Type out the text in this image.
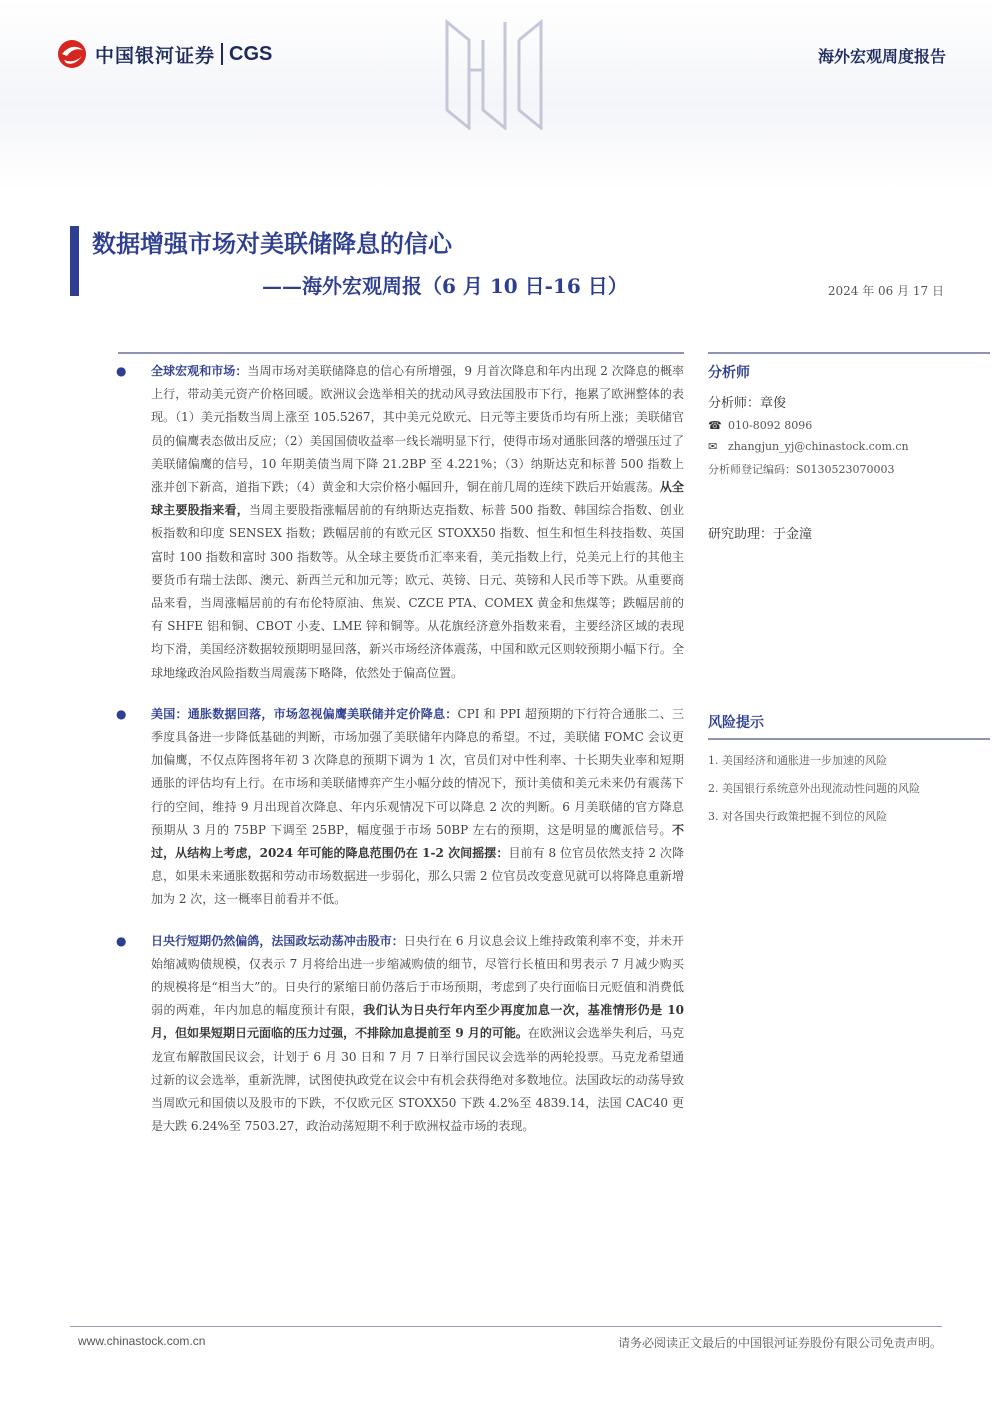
中国银河证券 CGS	海外宏观周度报告
数据增强市场对美联储降息的信心
——海外宏观周报（6 月 10 日-16 日）	2024 年 06 月 17 日
● 全球宏观和市场：当周市场对美联储降息的信心有所增强，9 月首次降息和年内出现 2 次降息的概率上行，带动美元资产价格回暖。欧洲议会选举相关的扰动风寻致法国股市下行，拖累了欧洲整体的表现。（1）美元指数当周上涨至 105.5267，其中美元兑欧元、日元等主要货币均有所上涨；美联储官员的偏鹰表态做出反应；（2）美国国债收益率一线长端明显下行，使得市场对通胀回落的增强压过了美联储偏鹰的信号，10 年期美债当周下降 21.2BP 至 4.221%；（3）纳斯达克和标普 500 指数上涨并创下新高，道指下跌；（4）黄金和大宗价格小幅回升，铜在前几周的连续下跌后开始震荡。从全球主要股指来看，当周主要股指涨幅居前的有纳斯达克指数、标普 500 指数、韩国综合指数、创业板指数和印度 SENSEX 指数；跌幅居前的有欧元区 STOXX50 指数、恒生和恒生科技指数、英国富时 100 指数和富时 300 指数等。从全球主要货币汇率来看，美元指数上行，兑美元上行的其他主要货币有瑞士法郎、澳元、新西兰元和加元等；欧元、英镑、日元、英镑和人民币等下跌。从重要商品来看，当周涨幅居前的有布伦特原油、焦炭、CZCE PTA、COMEX 黄金和焦煤等；跌幅居前的有 SHFE 铝和铜、CBOT 小麦、LME 锌和铜等。从花旗经济意外指数来看，主要经济区域的表现均下滑，美国经济数据较预期明显回落，新兴市场经济体震荡，中国和欧元区则较预期小幅下行。全球地缘政治风险指数当周震荡下略降，依然处于偏高位置。
● 美国：通胀数据回落，市场忽视偏鹰美联储并定价降息：CPI 和 PPI 超预期的下行符合通胀二、三季度具备进一步降低基础的判断，市场加强了美联储年内降息的希望。不过，美联储 FOMC 会议更加偏鹰，不仅点阵图将年初 3 次降息的预期下调为 1 次，官员们对中性利率、十长期失业率和短期通胀的评估均有上行。在市场和美联储博弈产生小幅分歧的情况下，预计美债和美元未来仍有震荡下行的空间，维持 9 月出现首次降息、年内乐观情况下可以降息 2 次的判断。6 月美联储的官方降息预期从 3 月的 75BP 下调至 25BP，幅度强于市场 50BP 左右的预期，这是明显的鹰派信号。不过，从结构上考虑，2024 年可能的降息范围仍在 1-2 次间摇摆：目前有 8 位官员依然支持 2 次降息，如果未来通胀数据和劳动市场数据进一步弱化，那么只需 2 位官员改变意见就可以将降息重新增加为 2 次，这一概率目前看并不低。
● 日央行短期仍然偏鸽，法国政坛动荡冲击股市：日央行在 6 月议息会议上维持政策利率不变，并未开始缩减购债规模，仅表示 7 月将给出进一步缩减购债的细节，尽管行长植田和男表示 7 月减少购买的规模将是“相当大”的。日央行的紧缩日前仍落后于市场预期，考虑到了央行面临日元贬值和消费低弱的两难，年内加息的幅度预计有限，我们认为日央行年内至少再度加息一次，基准情形仍是 10 月，但如果短期日元面临的压力过强，不排除加息提前至 9 月的可能。在欧洲议会选举失利后，马克龙宣布解散国民议会，计划于 6 月 30 日和 7 月 7 日举行国民议会选举的两轮投票。马克龙希望通过新的议会选举，重新洗牌，试图使执政党在议会中有机会获得绝对多数地位。法国政坛的动荡导致当周欧元和国债以及股市的下跌，不仅欧元区 STOXX50 下跌 4.2%至 4839.14，法国 CAC40 更是大跌 6.24%至 7503.27，政治动荡短期不利于欧洲权益市场的表现。
分析师
分析师：章俊
☎ 010-8092 8096
✉ zhangjun_yj@chinastock.com.cn
分析师登记编码：S0130523070003
研究助理：于金潼
风险提示
1. 美国经济和通胀进一步加速的风险
2. 美国银行系统意外出现流动性问题的风险
3. 对各国央行政策把握不到位的风险
www.chinastock.com.cn	请务必阅读正文最后的中国银河证券股份有限公司免责声明。
